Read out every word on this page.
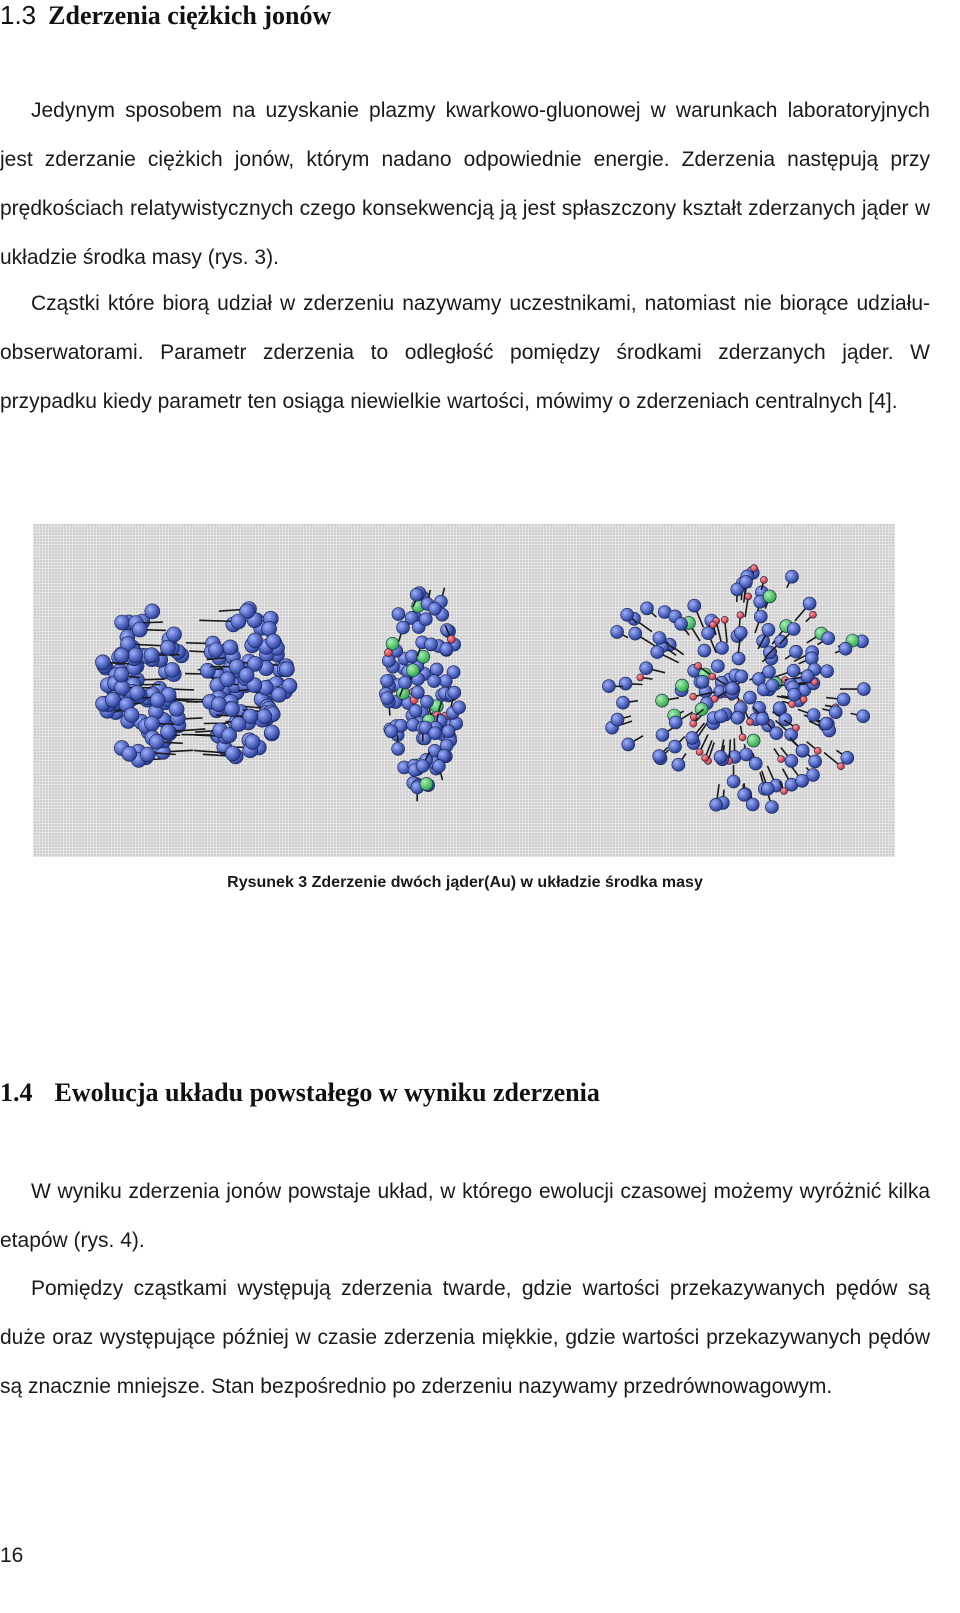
1.3 Zderzenia ciężkich jonów

Jedynym sposobem na uzyskanie plazmy kwarkowo-gluonowej w warunkach laboratoryjnych jest zderzanie ciężkich jonów, którym nadano odpowiednie energie. Zderzenia następują przy prędkościach relatywistycznych czego konsekwencją ją jest spłaszczony kształt zderzanych jąder w układzie środka masy (rys. 3).

Cząstki które biorą udział w zderzeniu nazywamy uczestnikami, natomiast nie biorące udziału-obserwatorami. Parametr zderzenia to odległość pomiędzy środkami zderzanych jąder. W przypadku kiedy parametr ten osiąga niewielkie wartości, mówimy o zderzeniach centralnych [4].

Rysunek 3 Zderzenie dwóch jąder(Au) w układzie środka masy

1.4 Ewolucja układu powstałego w wyniku zderzenia

W wyniku zderzenia jonów powstaje układ, w którego ewolucji czasowej możemy wyróżnić kilka etapów (rys. 4).

Pomiędzy cząstkami występują zderzenia twarde, gdzie wartości przekazywanych pędów są duże oraz występujące później w czasie zderzenia miękkie, gdzie wartości przekazywanych pędów są znacznie mniejsze. Stan bezpośrednio po zderzeniu nazywamy przedrównowagowym.

16
